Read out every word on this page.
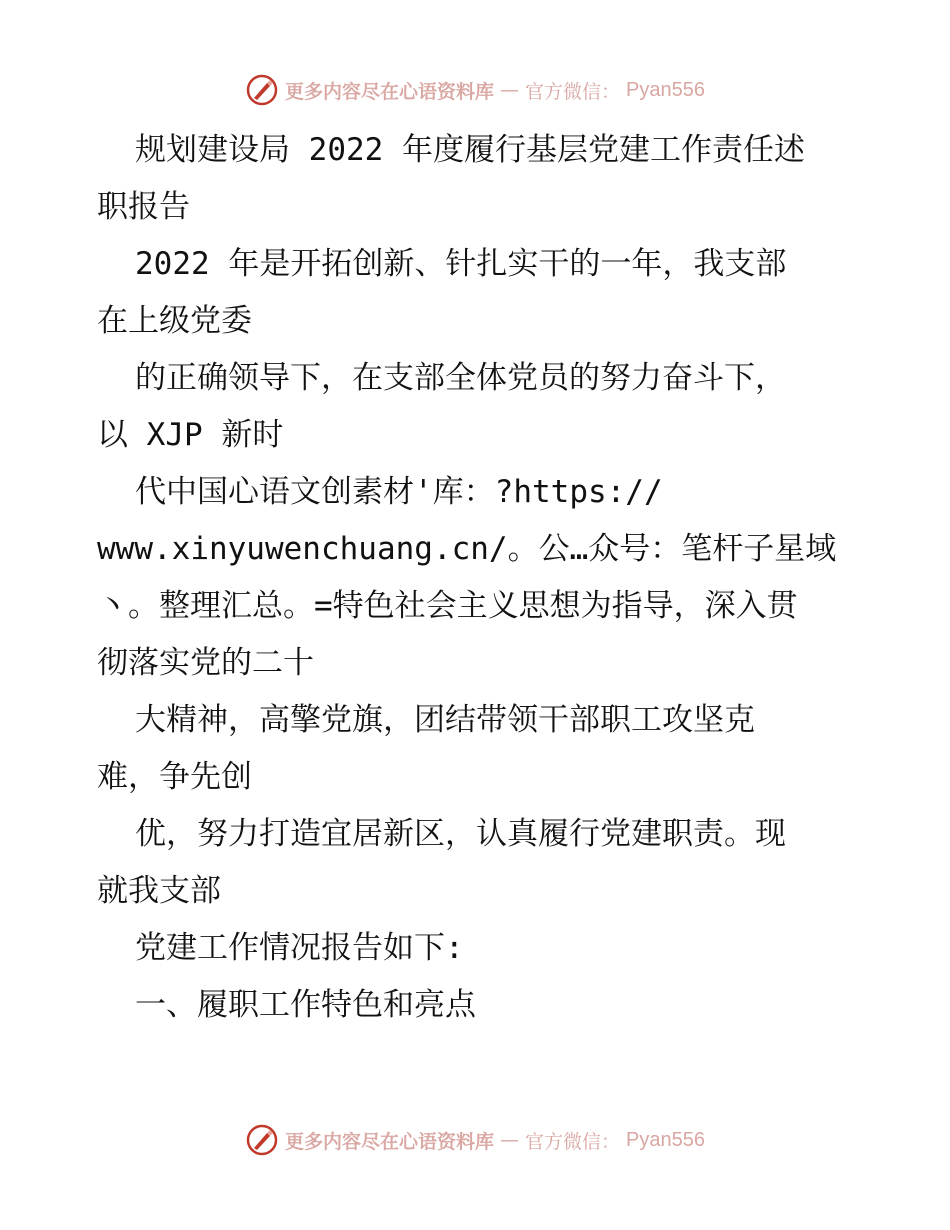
更多内容尽在心语资料库 — 官方微信： Pyan556
规划建设局 2022 年度履行基层党建工作责任述
职报告
2022 年是开拓创新、针扎实干的一年，我支部
在上级党委
的正确领导下，在支部全体党员的努力奋斗下，
以 XJP 新时
代中国心语文创素材'库：?https://
www.xinyuwenchuang.cn/。公…众号：笔杆子星域
丶。整理汇总。=特色社会主义思想为指导，深入贯
彻落实党的二十
大精神，高擎党旗，团结带领干部职工攻坚克
难，争先创
优，努力打造宜居新区，认真履行党建职责。现
就我支部
党建工作情况报告如下:
一、履职工作特色和亮点
更多内容尽在心语资料库 — 官方微信： Pyan556
